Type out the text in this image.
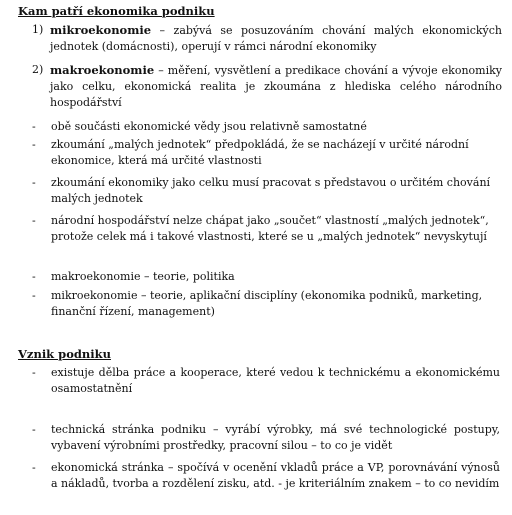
Kam patří ekonomika podniku
1) mikroekonomie – zabývá se posuzováním chování malých ekonomických jednotek (domácnosti), operují v rámci národní ekonomiky
2) makroekonomie – měření, vysvětlení a predikace chování a vývoje ekonomiky jako celku, ekonomická realita je zkoumána z hlediska celého národního hospodářství
-	obě součásti ekonomické vědy jsou relativně samostatné
-	zkoumání „malých jednotek“ předpokládá, že se nacházejí v určité národní ekonomice, která má určité vlastnosti
-	zkoumání ekonomiky jako celku musí pracovat s představou o určitém chování malých jednotek
-	národní hospodářství nelze chápat jako „součet“ vlastností „malých jednotek“, protože celek má i takové vlastnosti, které se u „malých jednotek“ nevyskytují
-	makroekonomie – teorie, politika
-	mikroekonomie – teorie, aplikační disciplíny (ekonomika podniků, marketing, finanční řízení, management)
Vznik podniku
-	existuje dělba práce a kooperace, které vedou k technickému a ekonomickému osamostatnění
-	technická stránka podniku – vyrábí výrobky, má své technologické postupy, vybavení výrobními prostředky, pracovní silou – to co je vidět
-	ekonomická stránka – spočívá v ocenění vkladů práce a VP, porovnávání výnosů a nákladů, tvorba a rozdělení zisku, atd. - je kriteriálním znakem – to co nevidím
